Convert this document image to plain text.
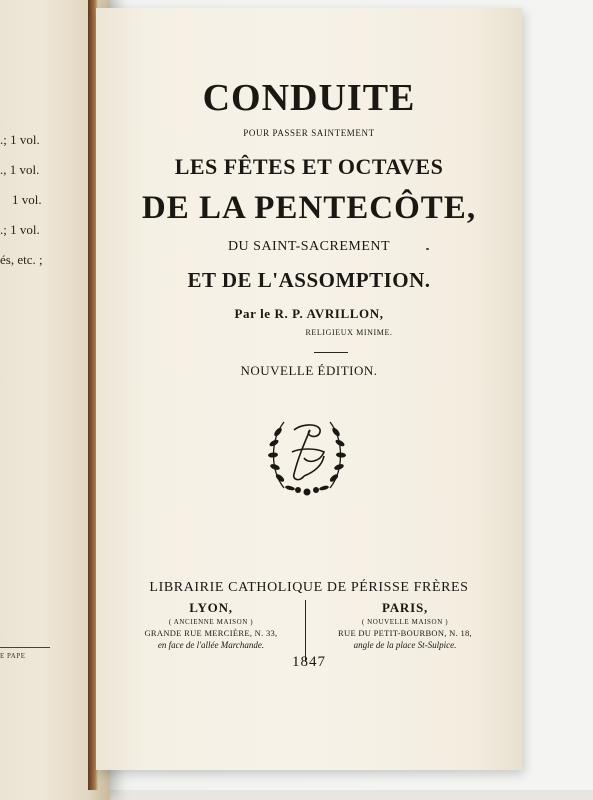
.; 1 vol.
., 1 vol.
1 vol.
.; 1 vol.
és, etc. ;
E PAPE
CONDUITE
POUR PASSER SAINTEMENT
LES FÊTES ET OCTAVES
DE LA PENTECÔTE,
DU SAINT-SACREMENT
ET DE L'ASSOMPTION.
Par le R. P. AVRILLON,
RELIGIEUX MINIME.
NOUVELLE ÉDITION.
LIBRAIRIE CATHOLIQUE DE PÉRISSE FRÈRES
LYON,
( ANCIENNE MAISON )
GRANDE RUE MERCIÈRE, N. 33,
en face de l'allée Marchande.
PARIS,
( NOUVELLE MAISON )
RUE DU PETIT-BOURBON, N. 18,
angle de la place St-Sulpice.
1847
